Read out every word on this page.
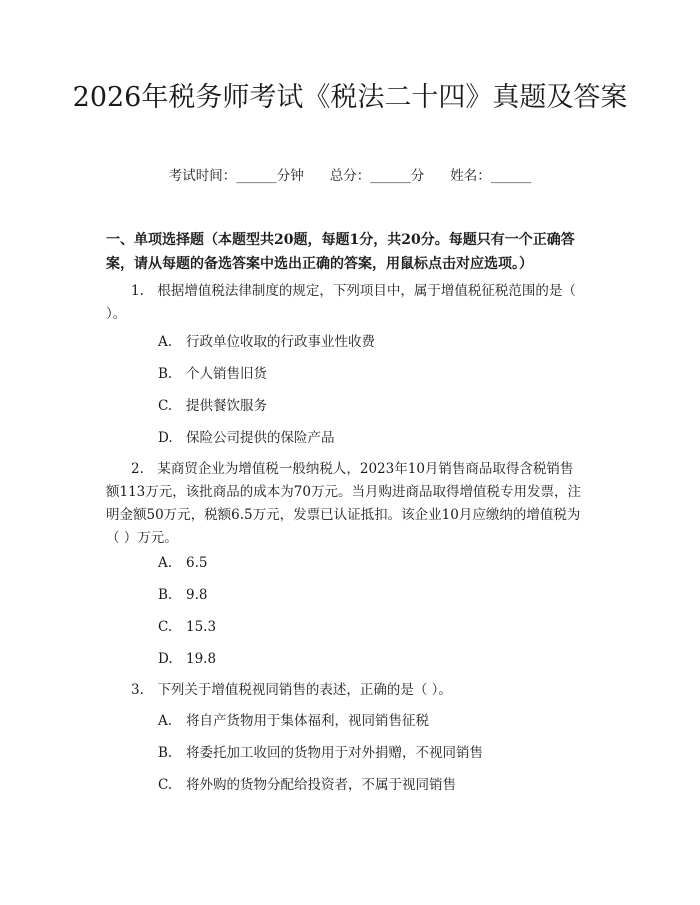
2026年税务师考试《税法二十四》真题及答案
考试时间：______分钟 总分：______分 姓名：______

一、单项选择题（本题型共20题，每题1分，共20分。每题只有一个正确答案，请从每题的备选答案中选出正确的答案，用鼠标点击对应选项。）

1.　根据增值税法律制度的规定，下列项目中，属于增值税征税范围的是（ ）。

A. 行政单位收取的行政事业性收费
B. 个人销售旧货
C. 提供餐饮服务
D. 保险公司提供的保险产品

2.　某商贸企业为增值税一般纳税人，2023年10月销售商品取得含税销售额113万元，该批商品的成本为70万元。当月购进商品取得增值税专用发票，注明金额50万元，税额6.5万元，发票已认证抵扣。该企业10月应缴纳的增值税为（ ）万元。

A. 6.5
B. 9.8
C. 15.3
D. 19.8

3.　下列关于增值税视同销售的表述，正确的是（ ）。

A. 将自产货物用于集体福利，视同销售征税
B. 将委托加工收回的货物用于对外捐赠，不视同销售
C. 将外购的货物分配给投资者，不属于视同销售
